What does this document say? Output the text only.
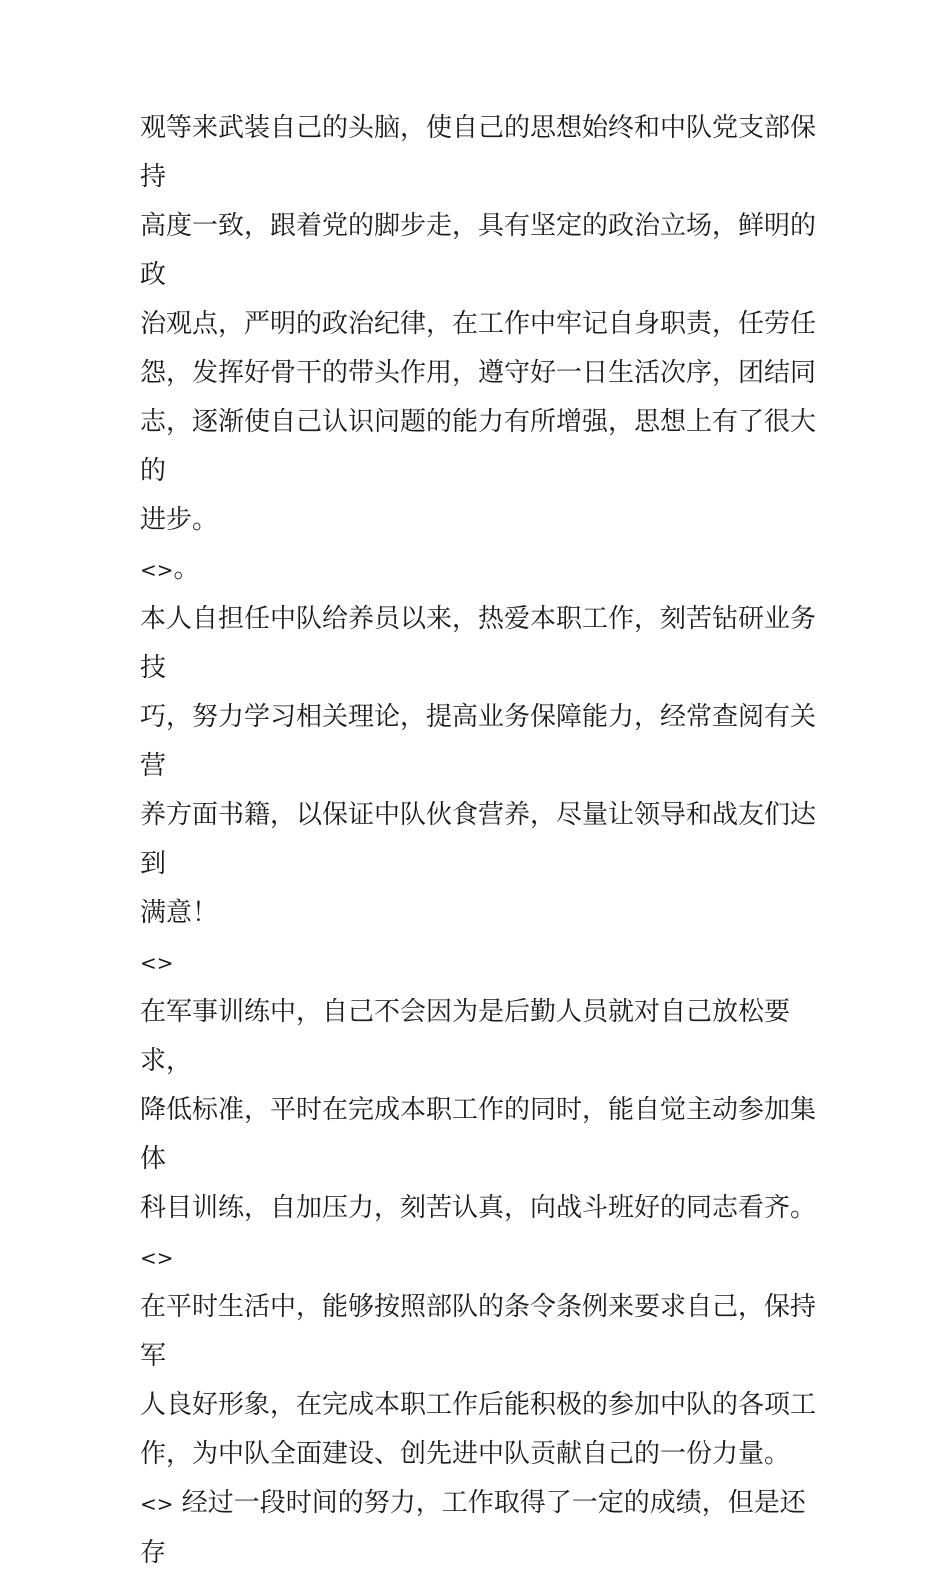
观等来武装自己的头脑，使自己的思想始终和中队党支部保持
高度一致，跟着党的脚步走，具有坚定的政治立场，鲜明的政
治观点，严明的政治纪律，在工作中牢记自身职责，任劳任
怨，发挥好骨干的带头作用，遵守好一日生活次序，团结同
志，逐渐使自己认识问题的能力有所增强，思想上有了很大的
进步。

<>。

本人自担任中队给养员以来，热爱本职工作，刻苦钻研业务技
巧，努力学习相关理论，提高业务保障能力，经常查阅有关营
养方面书籍，以保证中队伙食营养，尽量让领导和战友们达到
满意！

<>

在军事训练中，自己不会因为是后勤人员就对自己放松要求，
降低标准，平时在完成本职工作的同时，能自觉主动参加集体
科目训练，自加压力，刻苦认真，向战斗班好的同志看齐。

<>

在平时生活中，能够按照部队的条令条例来要求自己，保持军
人良好形象，在完成本职工作后能积极的参加中队的各项工
作，为中队全面建设、创先进中队贡献自己的一份力量。

<> 经过一段时间的努力，工作取得了一定的成绩，但是还存
